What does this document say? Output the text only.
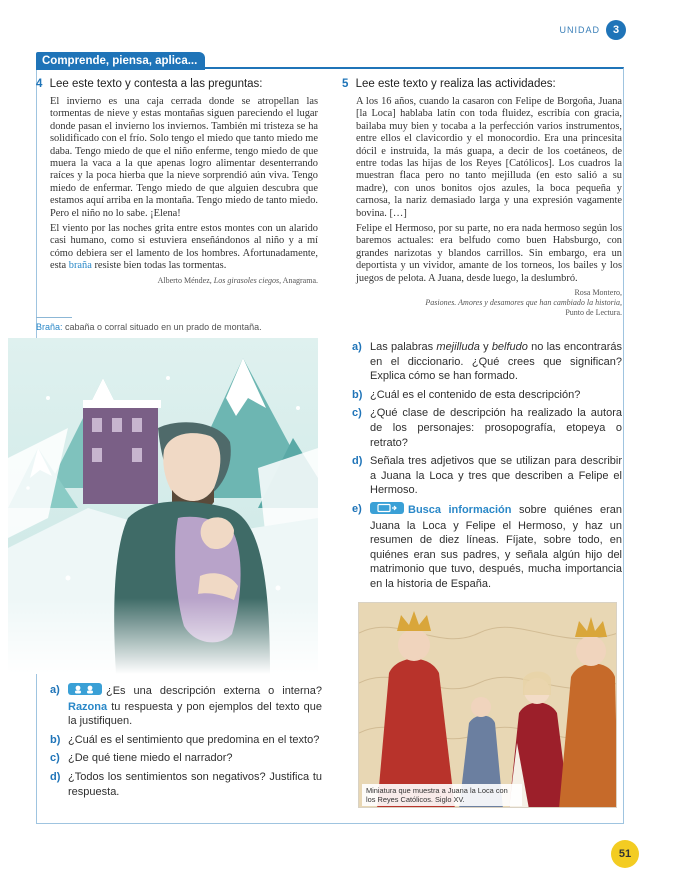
UNIDAD	3
Comprende, piensa, aplica...
4 Lee este texto y contesta a las preguntas:

El invierno es una caja cerrada donde se atropellan las tormentas de nieve y estas montañas siguen pareciendo el lugar donde pasan el invierno los inviernos. También mi tristeza se ha solidificado con el frío. Solo tengo el miedo que tanto miedo me daba. Tengo miedo de que el niño enferme, tengo miedo de que muera la vaca a la que apenas logro alimentar desenterrando raíces y la poca hierba que la nieve sorprendió aún viva. Tengo miedo de enfermar. Tengo miedo de que alguien descubra que estamos aquí arriba en la montaña. Tengo miedo de tanto miedo. Pero el niño no lo sabe. ¡Elena!

El viento por las noches grita entre estos montes con un alarido casi humano, como si estuviera enseñándonos al niño y a mí cómo debiera ser el lamento de los hombres. Afortunadamente, esta braña resiste bien todas las tormentas.

Alberto Méndez, Los girasoles ciegos, Anagrama.
Braña: cabaña o corral situado en un prado de montaña.
a)	¿Es una descripción externa o interna? Razona tu respuesta y pon ejemplos del texto que la justifiquen.
b) ¿Cuál es el sentimiento que predomina en el texto?
c) ¿De qué tiene miedo el narrador?
d) ¿Todos los sentimientos son negativos? Justifica tu respuesta.
5 Lee este texto y realiza las actividades:

A los 16 años, cuando la casaron con Felipe de Borgoña, Juana [la Loca] hablaba latín con toda fluidez, escribía con gracia, bailaba muy bien y tocaba a la perfección varios instrumentos, entre ellos el clavicordio y el monocordio. Era una princesita dócil e instruida, la más guapa, a decir de los coetáneos, de entre todas las hijas de los Reyes [Católicos]. Los cuadros la muestran flaca pero no tanto mejilluda (en esto salió a su madre), con unos bonitos ojos azules, la boca pequeña y carnosa, la nariz demasiado larga y una expresión vagamente bovina. […]

Felipe el Hermoso, por su parte, no era nada hermoso según los baremos actuales: era belfudo como buen Habsburgo, con grandes narizotas y blandos carrillos. Sin embargo, era un deportista y un vividor, amante de los torneos, los bailes y los juegos de pelota. A Juana, desde luego, la deslumbró.

Rosa Montero,
Pasiones. Amores y desamores que han cambiado la historia,
Punto de Lectura.
a) Las palabras mejilluda y belfudo no las encontrarás en el diccionario. ¿Qué crees que significan? Explica cómo se han formado.
b) ¿Cuál es el contenido de esta descripción?
c) ¿Qué clase de descripción ha realizado la autora de los personajes: prosopografía, etopeya o retrato?
d) Señala tres adjetivos que se utilizan para describir a Juana la Loca y tres que describen a Felipe el Hermoso.
e)	Busca información sobre quiénes eran Juana la Loca y Felipe el Hermoso, y haz un resumen de diez líneas. Fíjate, sobre todo, en quiénes eran sus padres, y señala algún hijo del matrimonio que tuvo, después, mucha importancia en la historia de España.
Miniatura que muestra a Juana la Loca con los Reyes Católicos. Siglo XV.
51
